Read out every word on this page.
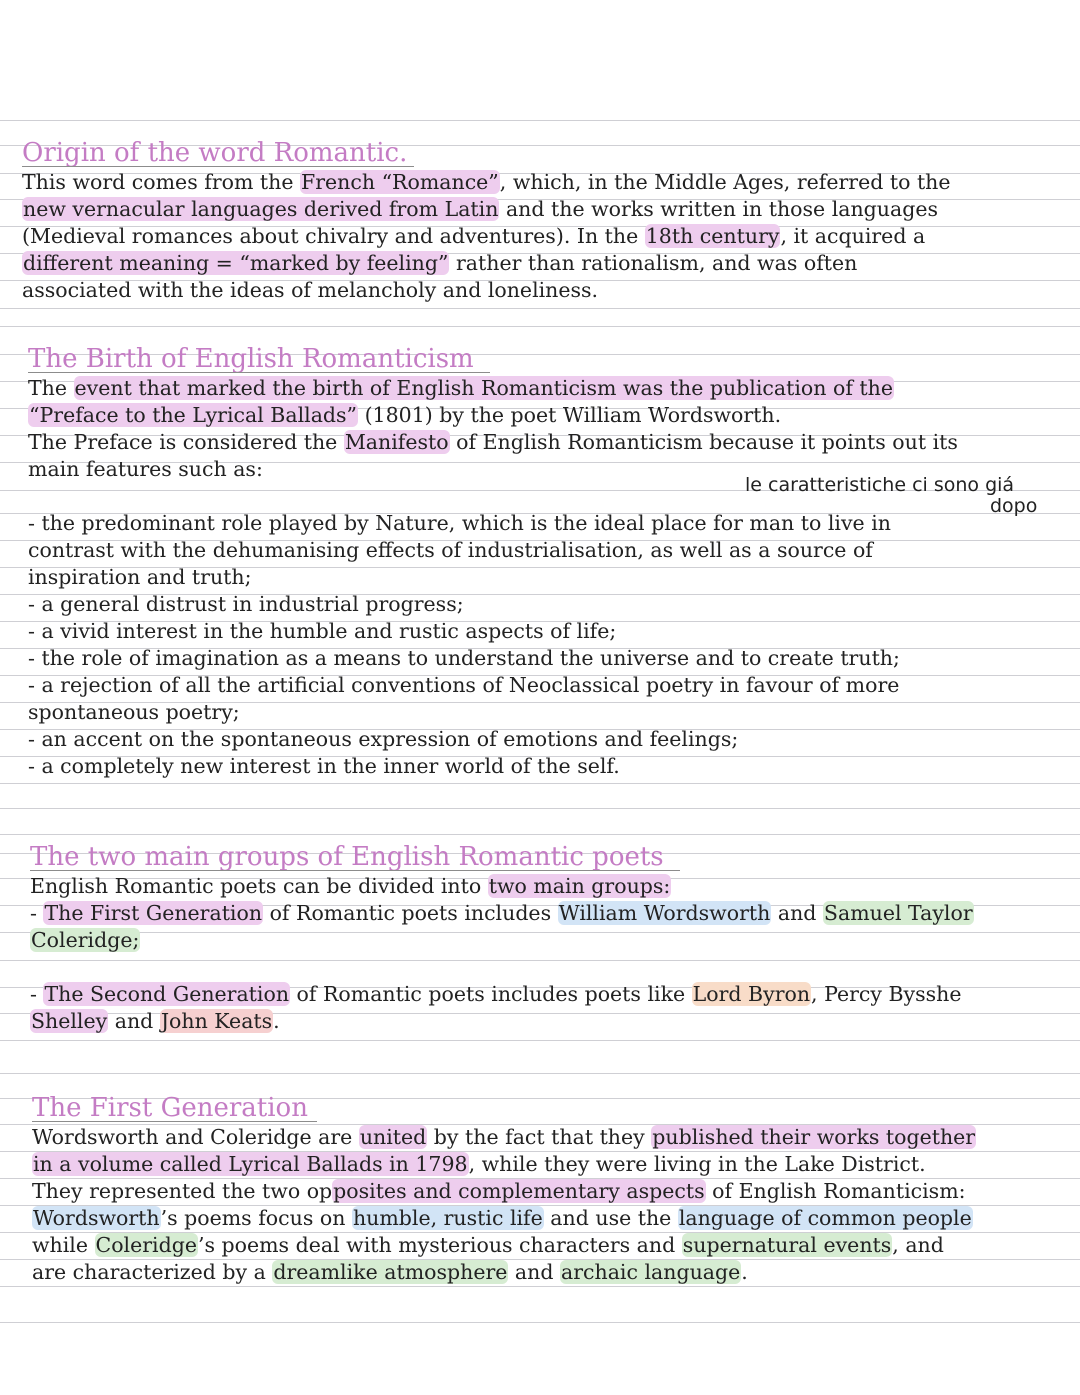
Origin of the word Romantic.
This word comes from the French “Romance”, which, in the Middle Ages, referred to the
new vernacular languages derived from Latin and the works written in those languages
(Medieval romances about chivalry and adventures). In the 18th century, it acquired a
different meaning = “marked by feeling” rather than rationalism, and was often
associated with the ideas of melancholy and loneliness.
The Birth of English Romanticism
The event that marked the birth of English Romanticism was the publication of the
“Preface to the Lyrical Ballads” (1801) by the poet William Wordsworth.
The Preface is considered the Manifesto of English Romanticism because it points out its
main features such as:
- the predominant role played by Nature, which is the ideal place for man to live in
contrast with the dehumanising effects of industrialisation, as well as a source of
inspiration and truth;
- a general distrust in industrial progress;
- a vivid interest in the humble and rustic aspects of life;
- the role of imagination as a means to understand the universe and to create truth;
- a rejection of all the artificial conventions of Neoclassical poetry in favour of more
spontaneous poetry;
- an accent on the spontaneous expression of emotions and feelings;
- a completely new interest in the inner world of the self.
le caratteristiche ci sono giá
dopo
The two main groups of English Romantic poets
English Romantic poets can be divided into two main groups:
- The First Generation of Romantic poets includes William Wordsworth and Samuel Taylor
Coleridge;
- The Second Generation of Romantic poets includes poets like Lord Byron, Percy Bysshe
Shelley and John Keats.
The First Generation
Wordsworth and Coleridge are united by the fact that they published their works together
in a volume called Lyrical Ballads in 1798, while they were living in the Lake District.
They represented the two opposites and complementary aspects of English Romanticism:
Wordsworth’s poems focus on humble, rustic life and use the language of common people
while Coleridge’s poems deal with mysterious characters and supernatural events, and
are characterized by a dreamlike atmosphere and archaic language.
